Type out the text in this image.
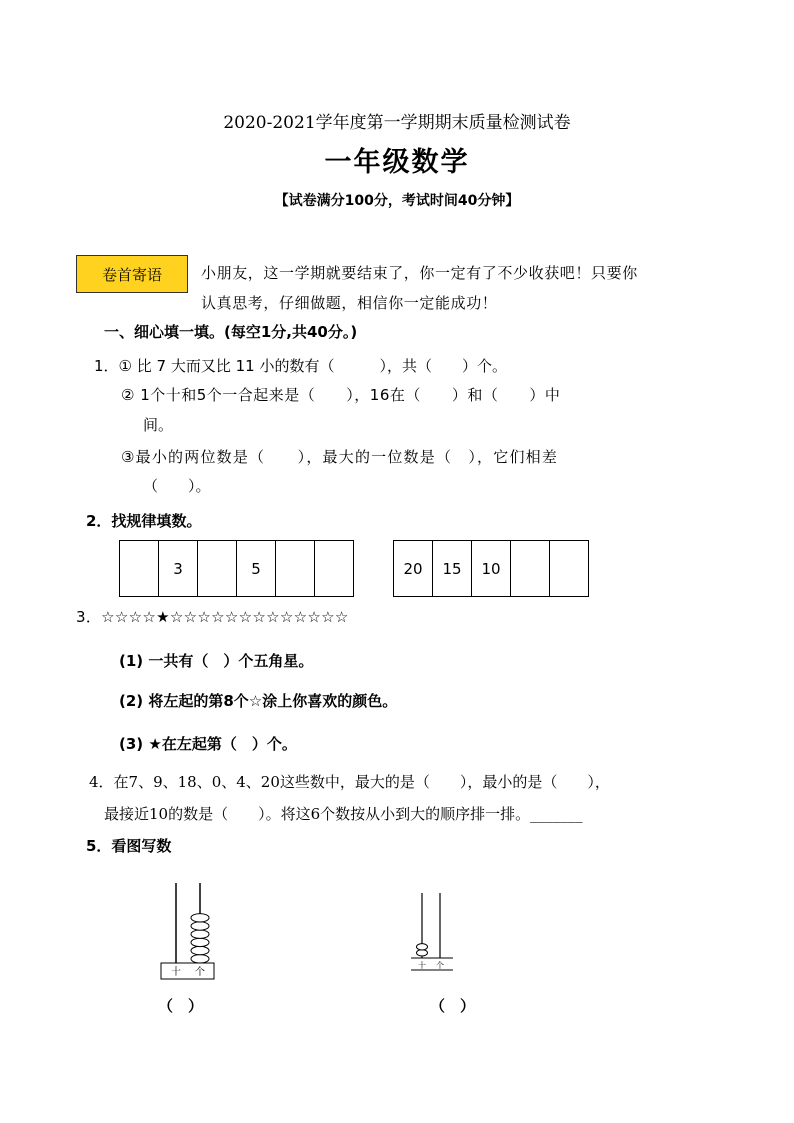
2020-2021学年度第一学期期末质量检测试卷
一年级数学
【试卷满分100分，考试时间40分钟】
卷首寄语	小朋友，这一学期就要结束了，你一定有了不少收获吧！只要你
认真思考，仔细做题，相信你一定能成功！
一、细心填一填。(每空1分,共40分。)
1．① 比 7 大而又比 11 小的数有（　　　），共（　　）个。
② 1个十和5个一合起来是（　　），16在（　　）和（　　）中
间。
③最小的两位数是（　　），最大的一位数是（　），它们相差
（　　）。
2．找规律填数。
	3		5			20	15	10		
3．☆☆☆☆★☆☆☆☆☆☆☆☆☆☆☆☆☆
(1) 一共有（　）个五角星。
(2) 将左起的第8个☆涂上你喜欢的颜色。
(3) ★在左起第（　）个。
4．在7、9、18、0、4、20这些数中，最大的是（　　），最小的是（　　），
最接近10的数是（　　）。将这6个数按从小到大的顺序排一排。_______
5．看图写数
十 个
（　）
十 个
（　）
